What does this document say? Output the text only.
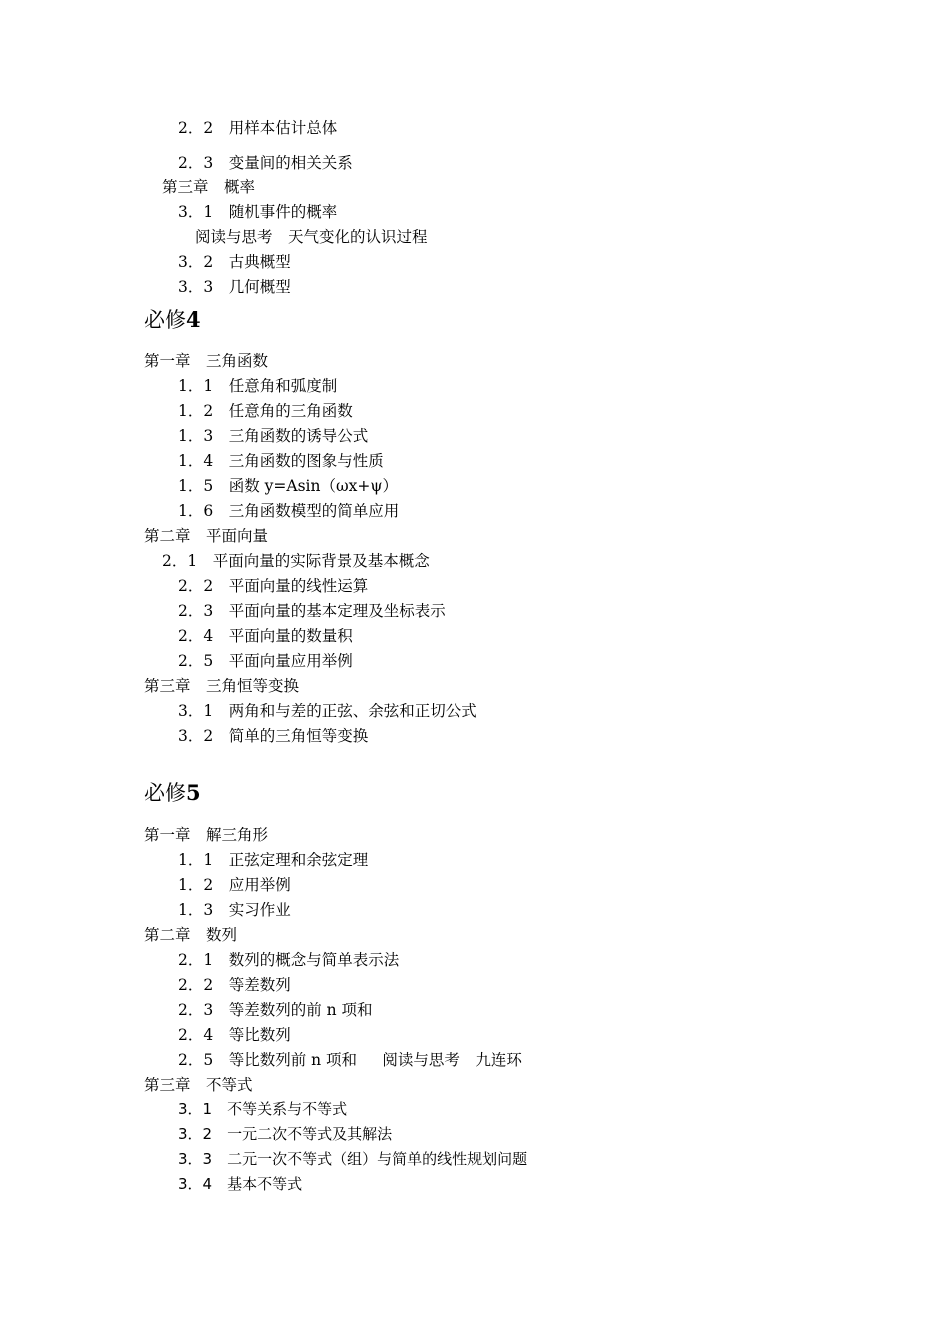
2．2　用样本估计总体
2．3　变量间的相关关系
第三章　概率
3．1　随机事件的概率
阅读与思考　天气变化的认识过程
3．2　古典概型
3．3　几何概型
必修4
第一章　三角函数
1．1　任意角和弧度制
1．2　任意角的三角函数
1．3　三角函数的诱导公式
1．4　三角函数的图象与性质
1．5　函数 y=Asin（ωx+ψ）
1．6　三角函数模型的简单应用
第二章　平面向量
2．1　平面向量的实际背景及基本概念
2．2　平面向量的线性运算
2．3　平面向量的基本定理及坐标表示
2．4　平面向量的数量积
2．5　平面向量应用举例
第三章　三角恒等变换
3．1　两角和与差的正弦、余弦和正切公式
3．2　简单的三角恒等变换
必修5
第一章　解三角形
1．1　正弦定理和余弦定理
1．2　应用举例
1．3　实习作业
第二章　数列
2．1　数列的概念与简单表示法
2．2　等差数列
2．3　等差数列的前 n 项和
2．4　等比数列
2．5　等比数列前 n 项和　  阅读与思考　九连环
第三章　不等式
3．1　不等关系与不等式
3．2　一元二次不等式及其解法
3．3　二元一次不等式（组）与简单的线性规划问题
3．4　基本不等式
